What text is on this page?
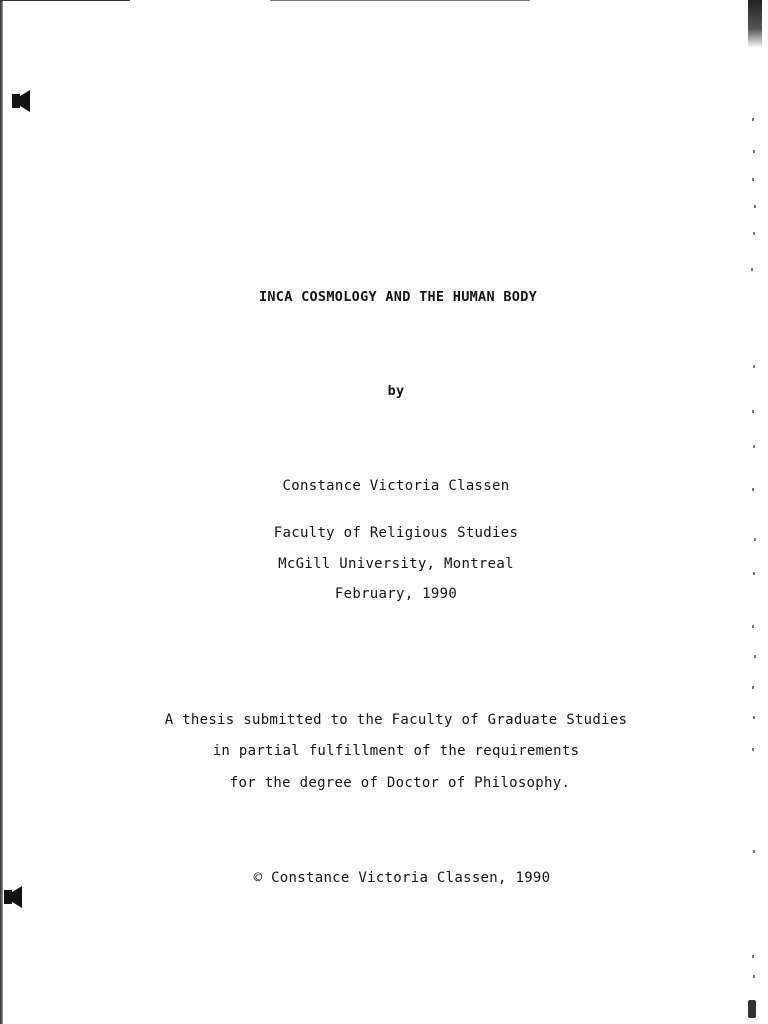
INCA COSMOLOGY AND THE HUMAN BODY
by
Constance Victoria Classen
Faculty of Religious Studies
McGill University, Montreal
February, 1990
A thesis submitted to the Faculty of Graduate Studies
in partial fulfillment of the requirements
for the degree of Doctor of Philosophy.
© Constance Victoria Classen, 1990
